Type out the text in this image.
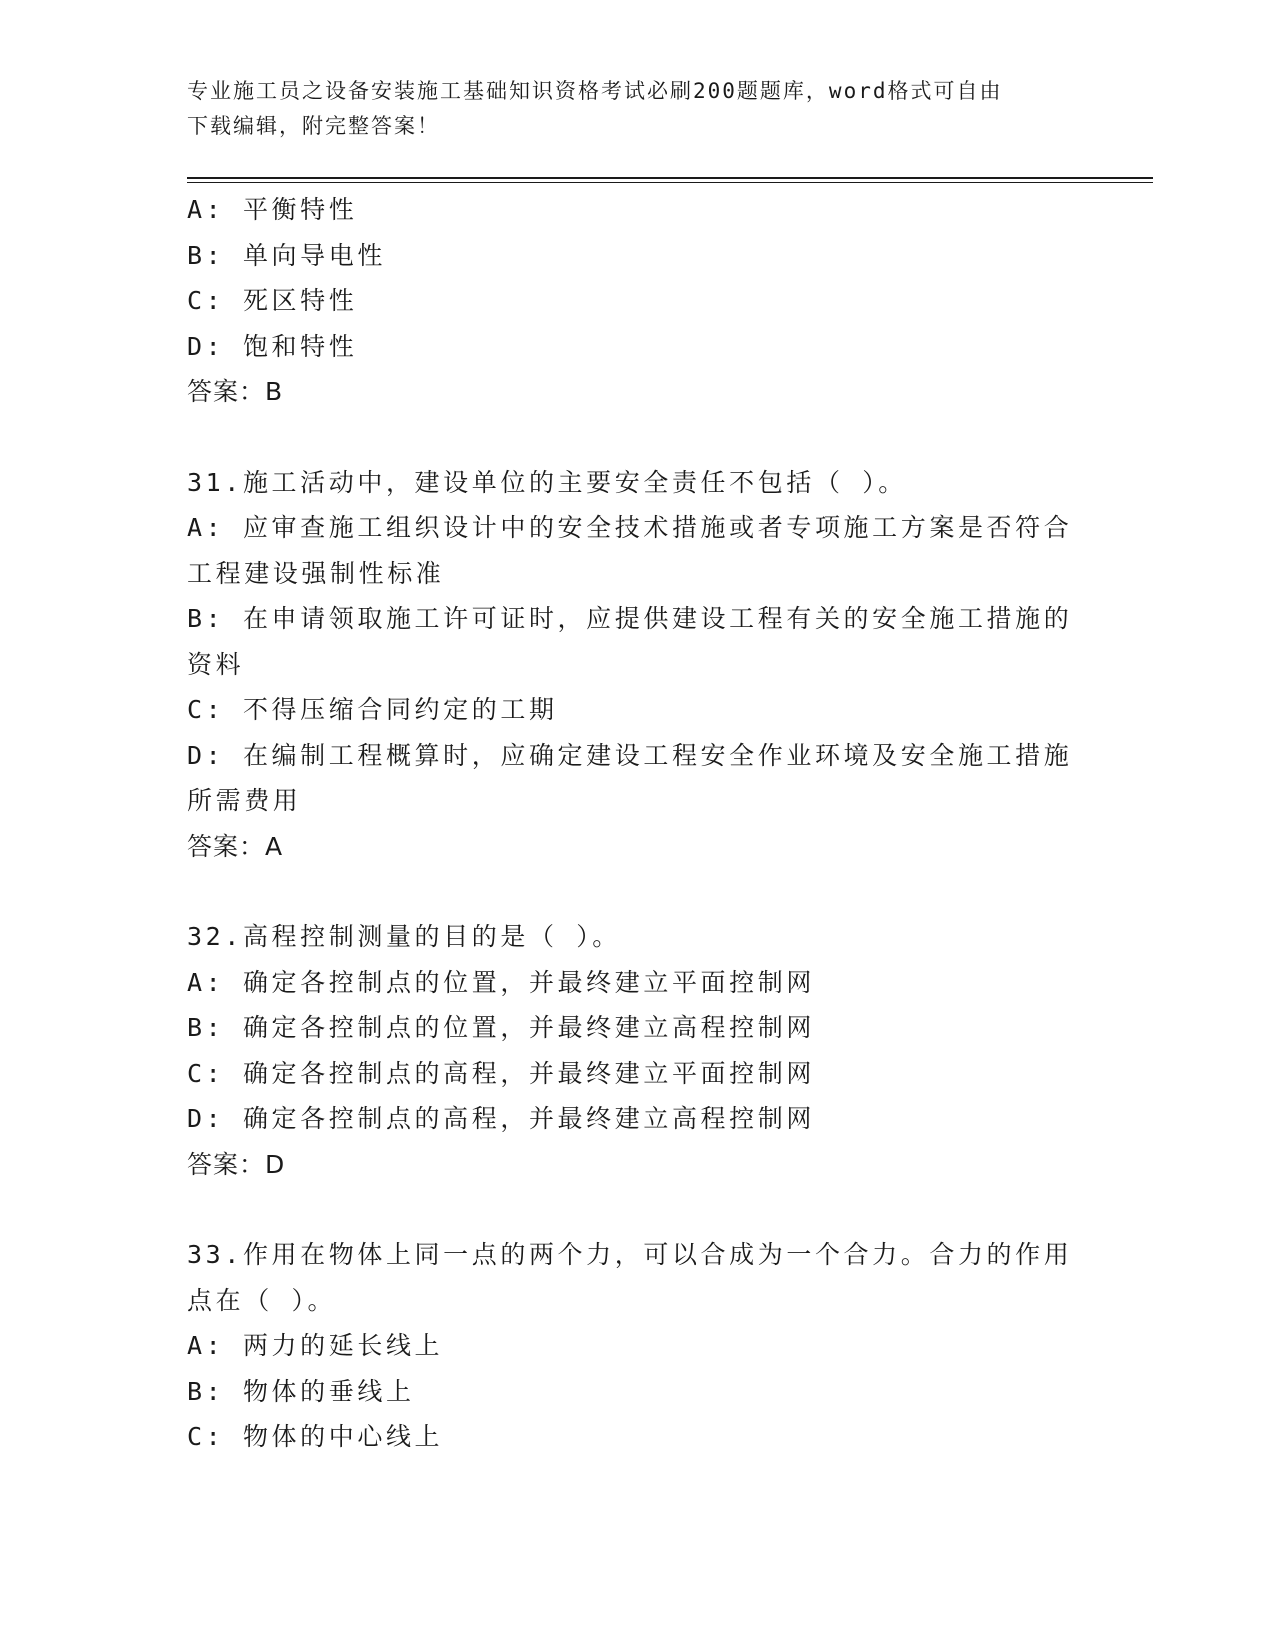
专业施工员之设备安装施工基础知识资格考试必刷200题题库，word格式可自由
下载编辑，附完整答案！
A: 平衡特性
B: 单向导电性
C: 死区特性
D: 饱和特性
答案：B
31.施工活动中，建设单位的主要安全责任不包括（ ）。
A: 应审查施工组织设计中的安全技术措施或者专项施工方案是否符合
工程建设强制性标准
B: 在申请领取施工许可证时，应提供建设工程有关的安全施工措施的
资料
C: 不得压缩合同约定的工期
D: 在编制工程概算时，应确定建设工程安全作业环境及安全施工措施
所需费用
答案：A
32.高程控制测量的目的是（ ）。
A: 确定各控制点的位置，并最终建立平面控制网
B: 确定各控制点的位置，并最终建立高程控制网
C: 确定各控制点的高程，并最终建立平面控制网
D: 确定各控制点的高程，并最终建立高程控制网
答案：D
33.作用在物体上同一点的两个力，可以合成为一个合力。合力的作用
点在（ ）。
A: 两力的延长线上
B: 物体的垂线上
C: 物体的中心线上
